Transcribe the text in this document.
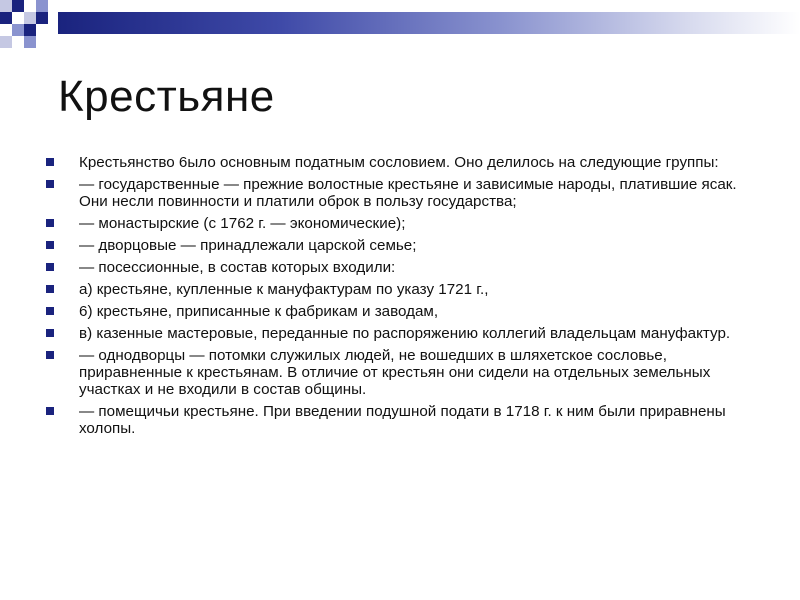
Крестьяне
Крестьянство 6ыло основным податным сословием. Оно делилось на следующие группы:
— государственные — прежние волостные крестьяне и зависимые народы, платившие ясак. Они несли повинности и платили оброк в пользу государства;
— монастырские (с 1762 г. — экономические);
— дворцовые — принадлежали царской семье;
— посессионные, в состав которых входили:
а) крестьяне, купленные к мануфактурам по указу 1721 г.,
6) крестьяне, приписанные к фабрикам и заводам,
в) казенные мастеровые, переданные по распоряжению коллегий владельцам мануфактур.
— однодворцы — потомки служилых людей, не вошедших в шляхетское сословье, приравненные к крестьянам. В отличие от крестьян они сидели на отдельных земельных участках и не входили в состав общины.
— помещичьи крестьяне. При введении подушной подати в 1718 г. к ним были приравнены холопы.
